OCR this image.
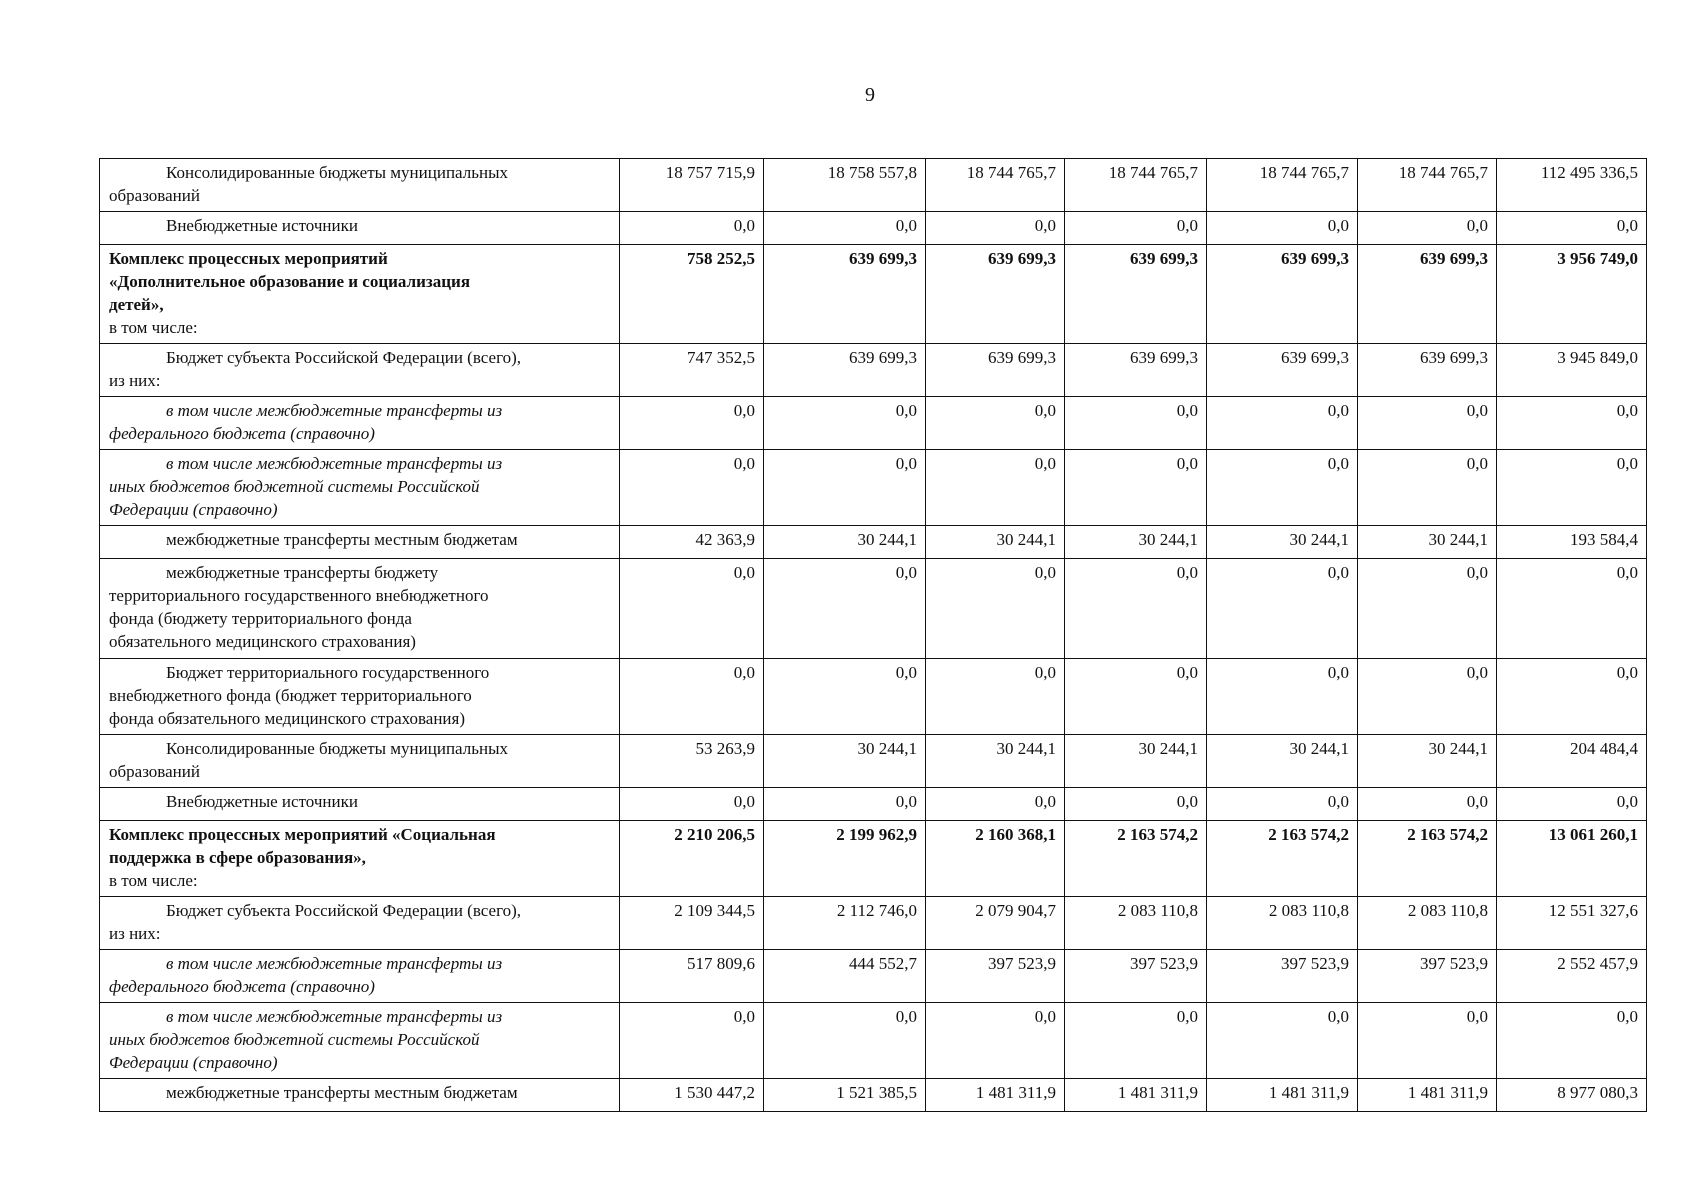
9
Консолидированные бюджеты муниципальных
образований	18 757 715,9	18 758 557,8	18 744 765,7	18 744 765,7	18 744 765,7	18 744 765,7	112 495 336,5
Внебюджетные источники	0,0	0,0	0,0	0,0	0,0	0,0	0,0
Комплекс процессных мероприятий
«Дополнительное образование и социализация
детей»,
в том числе:	758 252,5	639 699,3	639 699,3	639 699,3	639 699,3	639 699,3	3 956 749,0
Бюджет субъекта Российской Федерации (всего),
из них:	747 352,5	639 699,3	639 699,3	639 699,3	639 699,3	639 699,3	3 945 849,0
в том числе межбюджетные трансферты из
федерального бюджета (справочно)	0,0	0,0	0,0	0,0	0,0	0,0	0,0
в том числе межбюджетные трансферты из
иных бюджетов бюджетной системы Российской
Федерации (справочно)	0,0	0,0	0,0	0,0	0,0	0,0	0,0
межбюджетные трансферты местным бюджетам	42 363,9	30 244,1	30 244,1	30 244,1	30 244,1	30 244,1	193 584,4
межбюджетные трансферты бюджету
территориального государственного внебюджетного
фонда (бюджету территориального фонда
обязательного медицинского страхования)	0,0	0,0	0,0	0,0	0,0	0,0	0,0
Бюджет территориального государственного
внебюджетного фонда (бюджет территориального
фонда обязательного медицинского страхования)	0,0	0,0	0,0	0,0	0,0	0,0	0,0
Консолидированные бюджеты муниципальных
образований	53 263,9	30 244,1	30 244,1	30 244,1	30 244,1	30 244,1	204 484,4
Внебюджетные источники	0,0	0,0	0,0	0,0	0,0	0,0	0,0
Комплекс процессных мероприятий «Социальная
поддержка в сфере образования»,
в том числе:	2 210 206,5	2 199 962,9	2 160 368,1	2 163 574,2	2 163 574,2	2 163 574,2	13 061 260,1
Бюджет субъекта Российской Федерации (всего),
из них:	2 109 344,5	2 112 746,0	2 079 904,7	2 083 110,8	2 083 110,8	2 083 110,8	12 551 327,6
в том числе межбюджетные трансферты из
федерального бюджета (справочно)	517 809,6	444 552,7	397 523,9	397 523,9	397 523,9	397 523,9	2 552 457,9
в том числе межбюджетные трансферты из
иных бюджетов бюджетной системы Российской
Федерации (справочно)	0,0	0,0	0,0	0,0	0,0	0,0	0,0
межбюджетные трансферты местным бюджетам	1 530 447,2	1 521 385,5	1 481 311,9	1 481 311,9	1 481 311,9	1 481 311,9	8 977 080,3
